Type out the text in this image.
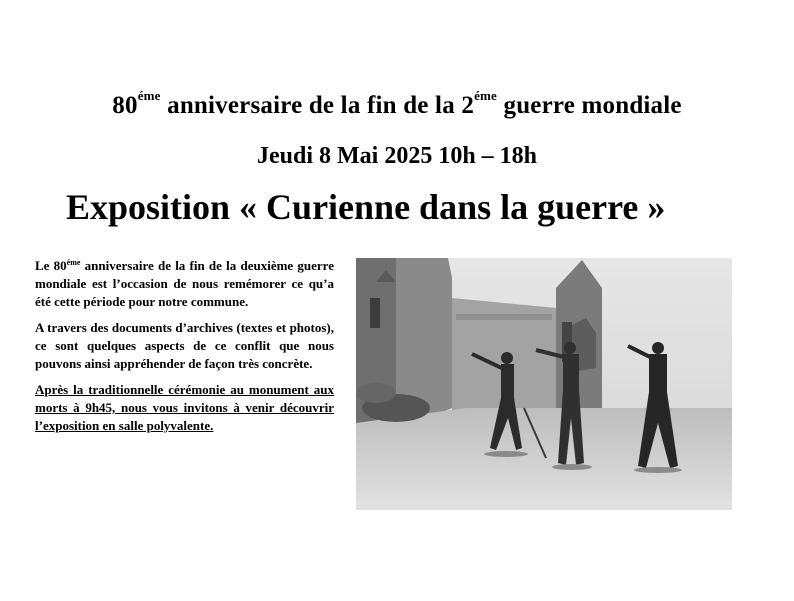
$80^{éme}$ anniversaire de la fin de la $2^{éme}$ guerre mondiale
Jeudi 8 Mai 2025 10h – 18h
Exposition « Curienne dans la guerre »

Le $80^{éme}$ anniversaire de la fin de la deuxième guerre mondiale est l’occasion de nous remémorer ce qu’a été cette période pour notre commune.

A travers des documents d’archives (textes et photos), ce sont quelques aspects de ce conflit que nous pouvons ainsi appréhender de façon très concrète.

Après la traditionnelle cérémonie au monument aux morts à 9h45, nous vous invitons à venir découvrir l’exposition en salle polyvalente.
